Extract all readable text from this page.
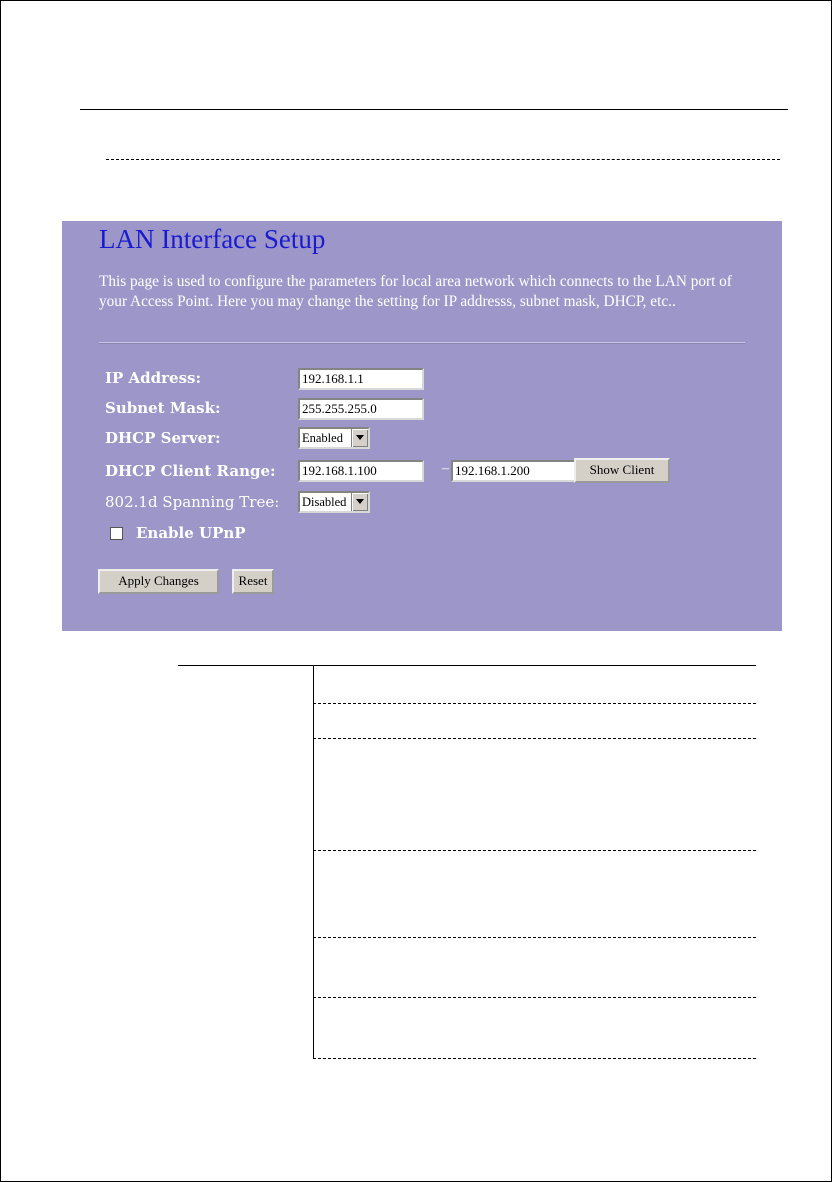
LAN Interface Setup
This page is used to configure the parameters for local area network which connects to the LAN port of your Access Point. Here you may change the setting for IP addresss, subnet mask, DHCP, etc..
IP Address:
192.168.1.1
Subnet Mask:
255.255.255.0
DHCP Server:	Enabled
DHCP Client Range:
192.168.1.100	–
192.168.1.200	Show Client
802.1d Spanning Tree: Disabled
Enable UPnP
Apply Changes	Reset
